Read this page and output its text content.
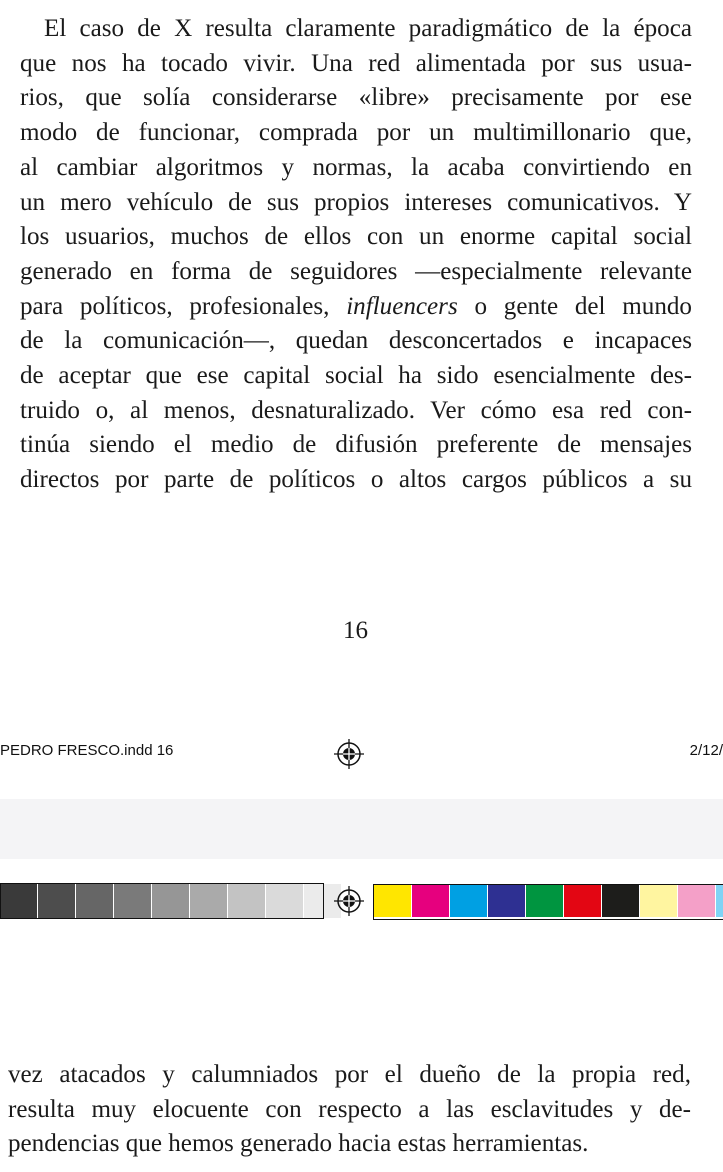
El caso de X resulta claramente paradigmático de la época
que nos ha tocado vivir. Una red alimentada por sus usua-
rios, que solía considerarse «libre» precisamente por ese
modo de funcionar, comprada por un multimillonario que,
al cambiar algoritmos y normas, la acaba convirtiendo en
un mero vehículo de sus propios intereses comunicativos. Y
los usuarios, muchos de ellos con un enorme capital social
generado en forma de seguidores —especialmente relevante
para políticos, profesionales, influencers o gente del mundo
de la comunicación—, quedan desconcertados e incapaces
de aceptar que ese capital social ha sido esencialmente des-
truido o, al menos, desnaturalizado. Ver cómo esa red con-
tinúa siendo el medio de difusión preferente de mensajes
directos por parte de políticos o altos cargos públicos a su
16
PEDRO FRESCO.indd 16	2/12/
vez atacados y calumniados por el dueño de la propia red,
resulta muy elocuente con respecto a las esclavitudes y de-
pendencias que hemos generado hacia estas herramientas.
